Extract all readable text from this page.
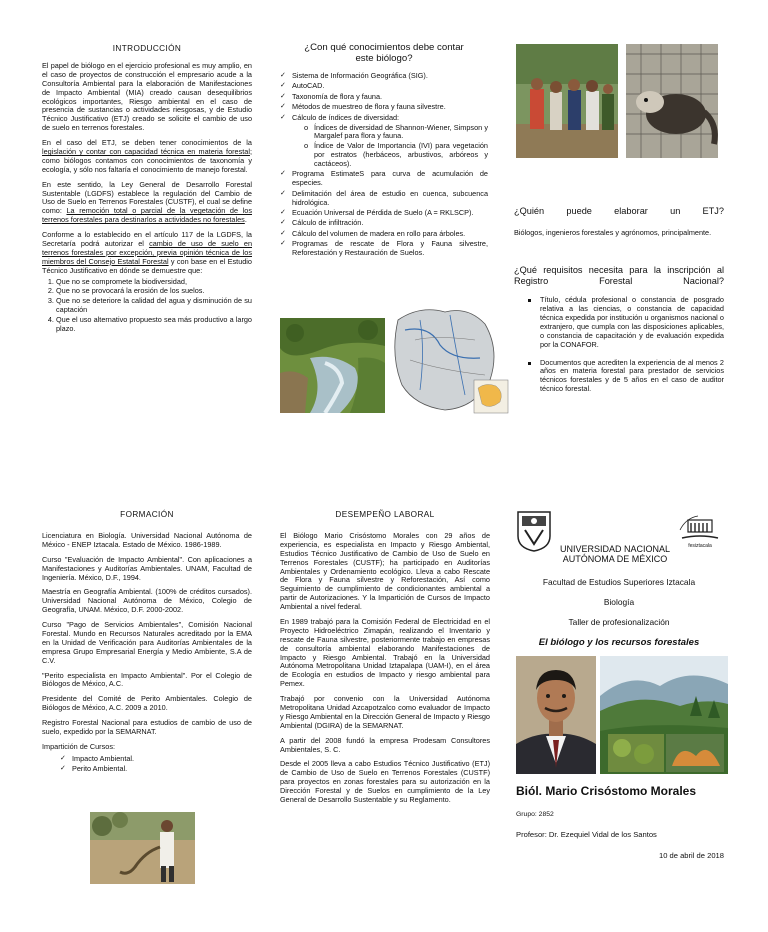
INTRODUCCIÓN

El papel de biólogo en el ejercicio profesional es muy amplio, en el caso de proyectos de construcción el empresario acude a la Consultoría Ambiental para la elaboración de Manifestaciones de Impacto Ambiental (MIA) creado causan desequilibrios ecológicos importantes, Riesgo ambiental en el caso de presencia de sustancias o actividades riesgosas, y de Estudio Técnico Justificativo (ETJ) creado se solicite el cambio de uso de suelo en terrenos forestales.

En el caso del ETJ, se deben tener conocimientos de la legislación y contar con capacidad técnica en materia forestal; como biólogos contamos con conocimientos de taxonomía y ecología, y sólo nos faltaría el conocimiento de manejo forestal.

En este sentido, la Ley General de Desarrollo Forestal Sustentable (LGDFS) establece la regulación del Cambio de Uso de Suelo en Terrenos Forestales (CUSTF), el cual se define como: La remoción total o parcial de la vegetación de los terrenos forestales para destinarlos a actividades no forestales.

Conforme a lo establecido en el artículo 117 de la LGDFS, la Secretaría podrá autorizar el cambio de uso de suelo en terrenos forestales por excepción, previa opinión técnica de los miembros del Consejo Estatal Forestal y con base en el Estudio Técnico Justificativo en dónde se demuestre que:

1. Que no se compromete la biodiversidad,
2. Que no se provocará la erosión de los suelos.
3. Que no se deteriore la calidad del agua y disminución de su captación
4. Que el uso alternativo propuesto sea más productivo a largo plazo.
¿Con qué conocimientos debe contar este biólogo?
✓ Sistema de Información Geográfica (SIG).
✓ AutoCAD.
✓ Taxonomía de flora y fauna.
✓ Métodos de muestreo de flora y fauna silvestre.
✓ Cálculo de índices de diversidad:
o Índices de diversidad de Shannon-Wiener, Simpson y Margalef para flora y fauna.
o Índice de Valor de Importancia (IVI) para vegetación por estratos (herbáceos, arbustivos, arbóreos y cactáceos).
✓ Programa EstimateS para curva de acumulación de especies.
✓ Delimitación del área de estudio en cuenca, subcuenca hidrológica.
✓ Ecuación Universal de Pérdida de Suelo (A = RKLSCP).
✓ Cálculo de infiltración.
✓ Cálculo del volumen de madera en rollo para árboles.
✓ Programas de rescate de Flora y Fauna silvestre, Reforestación y Restauración de Suelos.
¿Quién puede elaborar un ETJ?

Biólogos, ingenieros forestales y agrónomos, principalmente.

¿Qué requisitos necesita para la inscripción al Registro Forestal Nacional?
Título, cédula profesional o constancia de posgrado relativa a las ciencias, o constancia de capacidad técnica expedida por institución u organismos nacional o extranjero, que cumpla con las disposiciones aplicables, o constancia de capacitación y de evaluación expedida por la CONAFOR.
Documentos que acrediten la experiencia de al menos 2 años en materia forestal para prestador de servicios técnicos forestales y de 5 años en el caso de auditor técnico forestal.
FORMACIÓN

Licenciatura en Biología. Universidad Nacional Autónoma de México - ENEP Iztacala. Estado de México. 1986-1989.

Curso "Evaluación de Impacto Ambiental". Con aplicaciones a Manifestaciones y Auditorías Ambientales. UNAM, Facultad de Ingeniería. México, D.F., 1994.

Maestría en Geografía Ambiental. (100% de créditos cursados). Universidad Nacional Autónoma de México, Colegio de Geografía, UNAM. México, D.F. 2000-2002.

Curso "Pago de Servicios Ambientales", Comisión Nacional Forestal. Mundo en Recursos Naturales acreditado por la EMA en la Unidad de Verificación para Auditorías Ambientales de la empresa Grupo Empresarial Energía y Medio Ambiente, S.A de C.V.

"Perito especialista en Impacto Ambiental". Por el Colegio de Biólogos de México, A.C.

Presidente del Comité de Perito Ambientales. Colegio de Biólogos de México, A.C. 2009 a 2010.

Registro Forestal Nacional para estudios de cambio de uso de suelo, expedido por la SEMARNAT.

Impartición de Cursos:

✓ Impacto Ambiental.
✓ Perito Ambiental.
DESEMPEÑO LABORAL

El Biólogo Mario Crisóstomo Morales con 29 años de experiencia, es especialista en Impacto y Riesgo Ambiental, Estudios Técnico Justificativo de Cambio de Uso de Suelo en Terrenos Forestales (CUSTF); ha participado en Auditorías Ambientales y Ordenamiento ecológico. Lleva a cabo Rescate de Flora y Fauna silvestre y Reforestación, Así como Seguimiento de cumplimiento de condicionantes ambiental a partir de Autorizaciones. Y la Impartición de Cursos de Impacto Ambiental a nivel federal.

En 1989 trabajó para la Comisión Federal de Electricidad en el Proyecto Hidroeléctrico Zimapán, realizando el Inventario y rescate de Fauna silvestre, posteriormente trabajo en empresas de consultoría ambiental elaborando Manifestaciones de Impacto y Riesgo Ambiental. Trabajó en la Universidad Autónoma Metropolitana Unidad Iztapalapa (UAM-I), en el área de Ecología en estudios de Impacto y riesgo ambiental para Pemex.

Trabajó por convenio con la Universidad Autónoma Metropolitana Unidad Azcapotzalco como evaluador de Impacto y Riesgo Ambiental en la Dirección General de Impacto y Riesgo Ambiental (DGIRA) de la SEMARNAT.

A partir del 2008 fundó la empresa Prodesam Consultores Ambientales, S. C.

Desde el 2005 lleva a cabo Estudios Técnico Justificativo (ETJ) de Cambio de Uso de Suelo en Terrenos Forestales (CUSTF) para proyectos en zonas forestales para su autorización en la Dirección Forestal y de Suelos en cumplimiento de la Ley General de Desarrollo Sustentable y su Reglamento.

fesiztacala
UNIVERSIDAD NACIONAL
AUTÓNOMA DE MÉXICO
Facultad de Estudios Superiores Iztacala
Biología
Taller de profesionalización
El biólogo y los recursos forestales
Biól. Mario Crisóstomo Morales
Grupo: 2852
Profesor: Dr. Ezequiel Vidal de los Santos
10 de abril de 2018
